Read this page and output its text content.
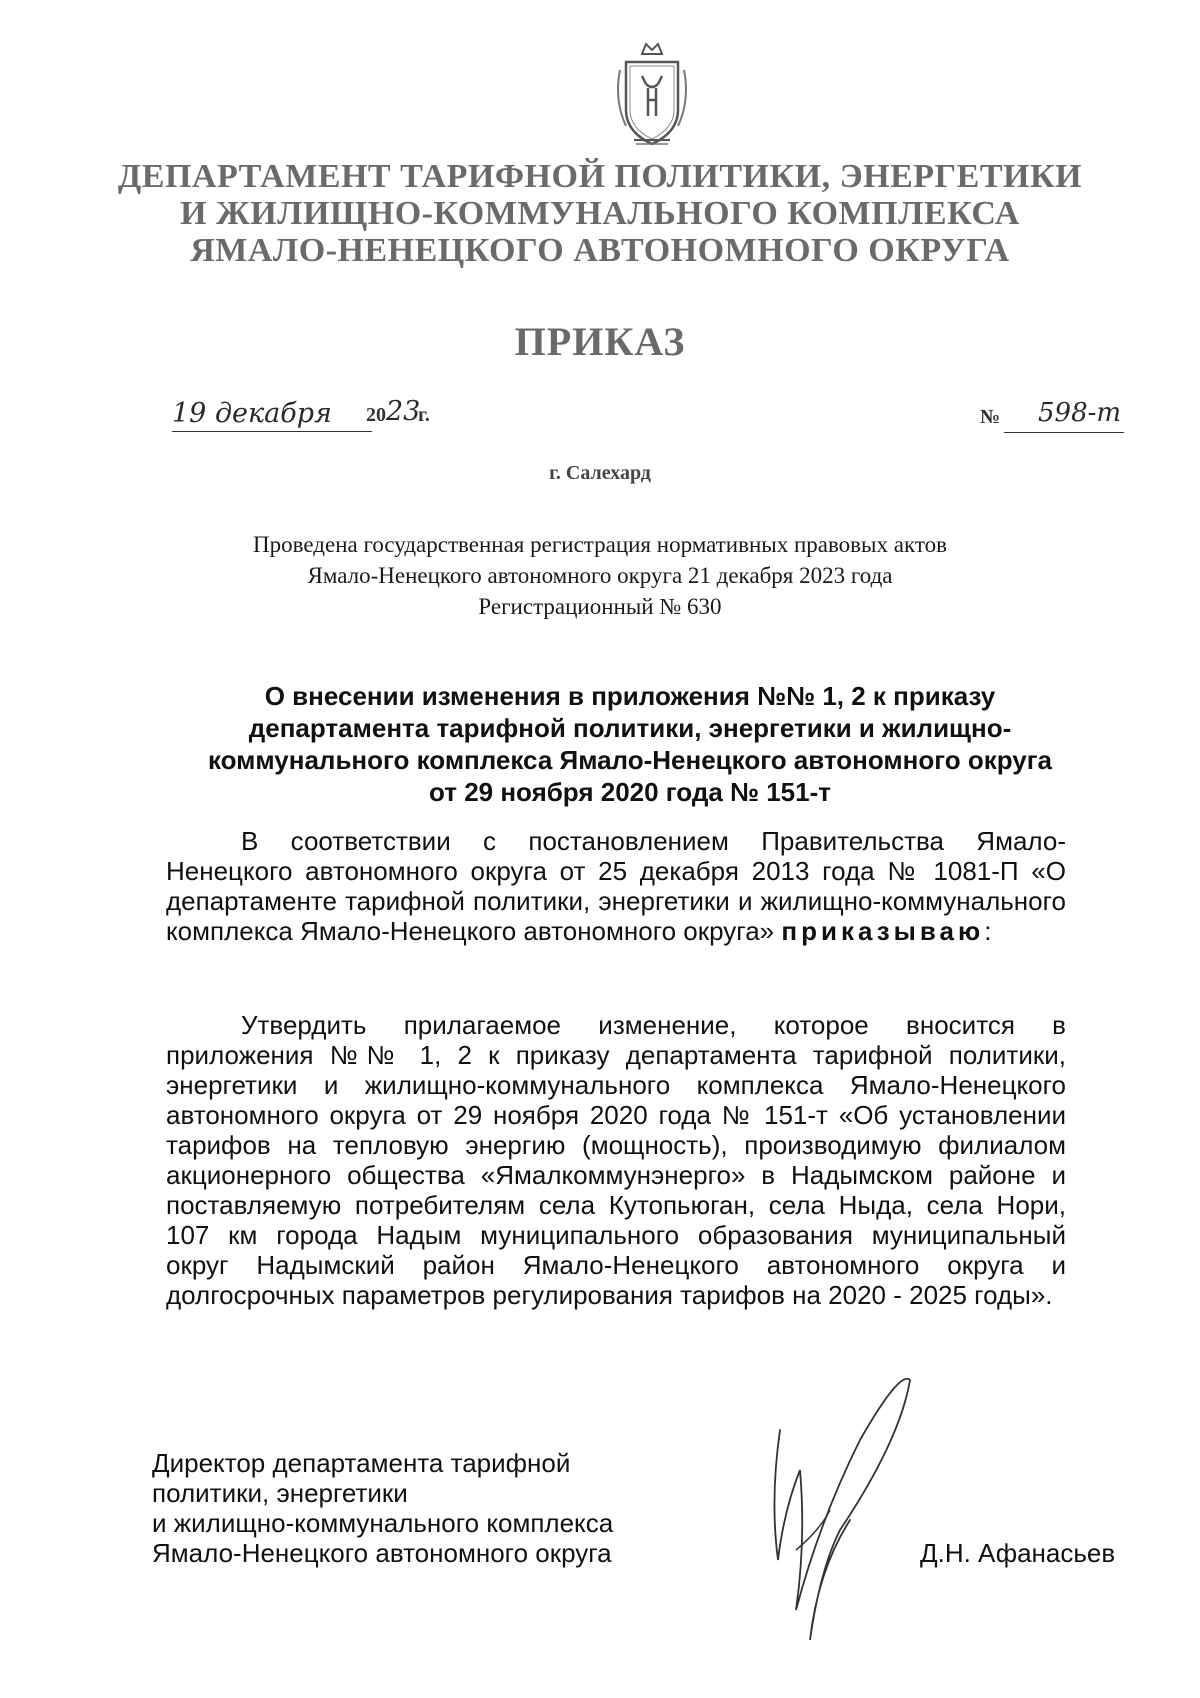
ДЕПАРТАМЕНТ ТАРИФНОЙ ПОЛИТИКИ, ЭНЕРГЕТИКИ
И ЖИЛИЩНО-КОММУНАЛЬНОГО КОМПЛЕКСА
ЯМАЛО-НЕНЕЦКОГО АВТОНОМНОГО ОКРУГА
ПРИКАЗ
19 декабря 20 23
г.	№ 598-т
г. Салехард
Проведена государственная регистрация нормативных правовых актов
Ямало-Ненецкого автономного округа 21 декабря 2023 года
Регистрационный № 630
О внесении изменения в приложения №№ 1, 2 к приказу
департамента тарифной политики, энергетики и жилищно-
коммунального комплекса Ямало-Ненецкого автономного округа
от 29 ноября 2020 года № 151-т
В соответствии с постановлением Правительства Ямало-Ненецкого автономного округа от 25 декабря 2013 года № 1081-П «О департаменте тарифной политики, энергетики и жилищно-коммунального комплекса Ямало-Ненецкого автономного округа» приказываю:
Утвердить прилагаемое изменение, которое вносится в приложения №№ 1, 2 к приказу департамента тарифной политики, энергетики и жилищно-коммунального комплекса Ямало-Ненецкого автономного округа от 29 ноября 2020 года № 151-т «Об установлении тарифов на тепловую энергию (мощность), производимую филиалом акционерного общества «Ямалкоммунэнерго» в Надымском районе и поставляемую потребителям села Кутопьюган, села Ныда, села Нори, 107 км города Надым муниципального образования муниципальный округ Надымский район Ямало-Ненецкого автономного округа и долгосрочных параметров регулирования тарифов на 2020 - 2025 годы».
Директор департамента тарифной
политики, энергетики
и жилищно-коммунального комплекса
Ямало-Ненецкого автономного округа	Д.Н. Афанасьев
